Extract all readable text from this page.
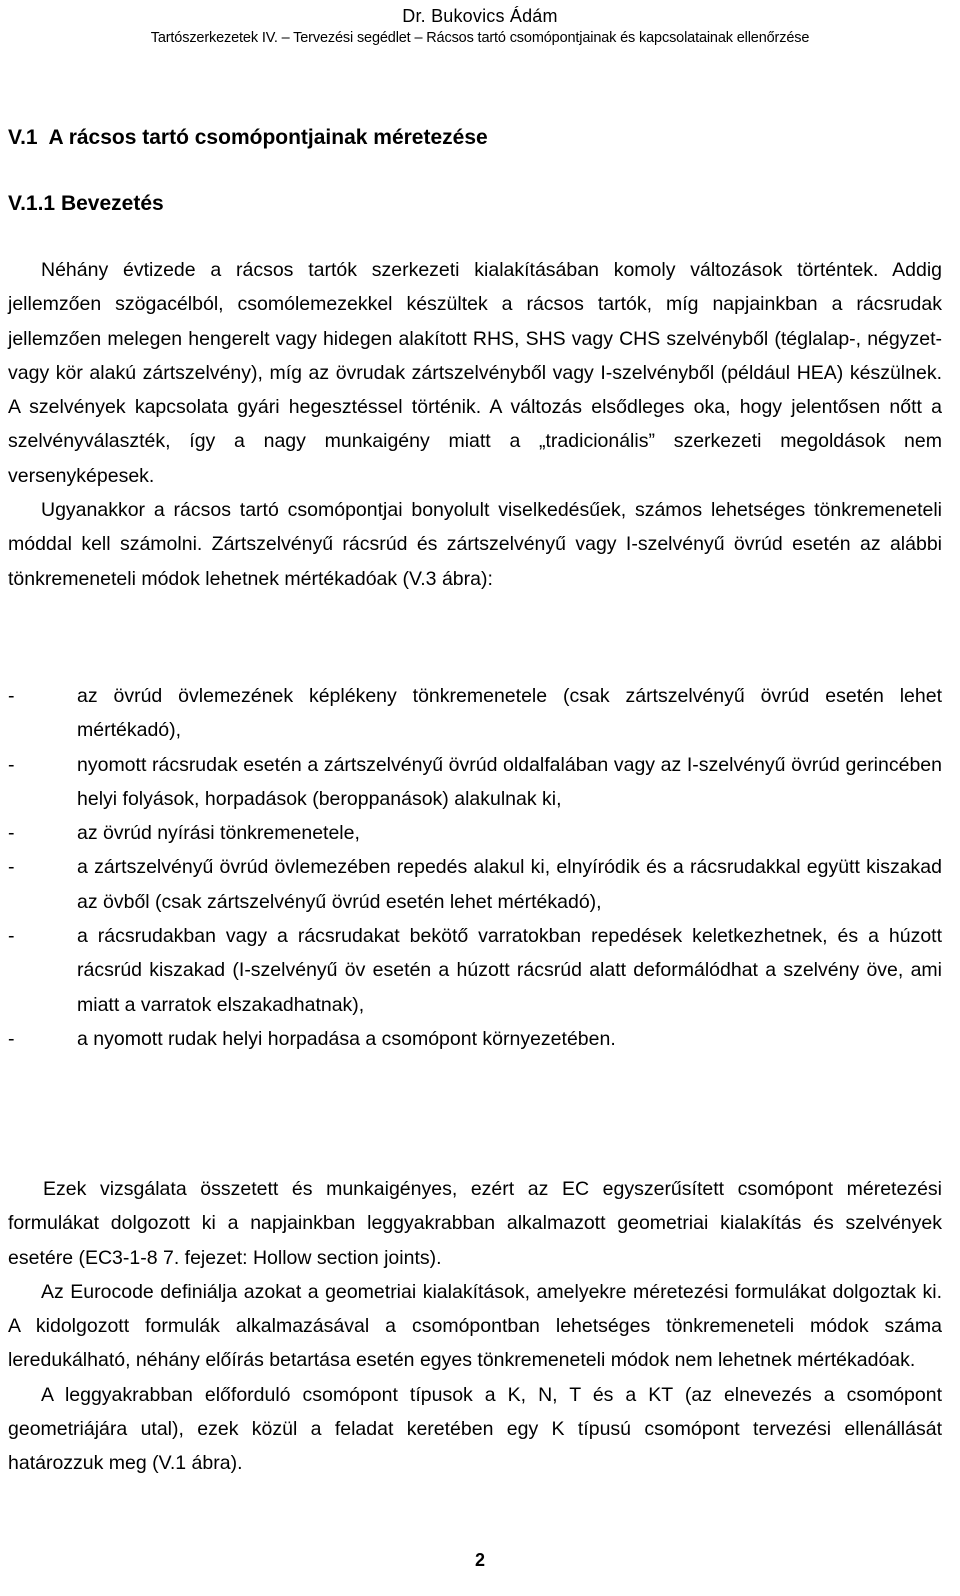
Dr. Bukovics Ádám
Tartószerkezetek IV. – Tervezési segédlet – Rácsos tartó csomópontjainak és kapcsolatainak ellenőrzése
V.1  A rácsos tartó csomópontjainak méretezése
V.1.1 Bevezetés

Néhány évtizede a rácsos tartók szerkezeti kialakításában komoly változások történtek. Addig jellemzően szögacélból, csomólemezekkel készültek a rácsos tartók, míg napjainkban a rácsrudak jellemzően melegen hengerelt vagy hidegen alakított RHS, SHS vagy CHS szelvényből (téglalap-, négyzet- vagy kör alakú zártszelvény), míg az övrudak zártszelvényből vagy I-szelvényből (például HEA) készülnek. A szelvények kapcsolata gyári hegesztéssel történik. A változás elsődleges oka, hogy jelentősen nőtt a szelvényválaszték, így a nagy munkaigény miatt a „tradicionális” szerkezeti megoldások nem versenyképesek.

Ugyanakkor a rácsos tartó csomópontjai bonyolult viselkedésűek, számos lehetséges tönkremeneteli móddal kell számolni. Zártszelvényű rácsrúd és zártszelvényű vagy I-szelvényű övrúd esetén az alábbi tönkremeneteli módok lehetnek mértékadóak (V.3 ábra):

-	az övrúd övlemezének képlékeny tönkremenetele (csak zártszelvényű övrúd esetén lehet mértékadó),
-	nyomott rácsrudak esetén a zártszelvényű övrúd oldalfalában vagy az I-szelvényű övrúd gerincében helyi folyások, horpadások (beroppanások) alakulnak ki,
-	az övrúd nyírási tönkremenetele,
-	a zártszelvényű övrúd övlemezében repedés alakul ki, elnyíródik és a rácsrudakkal együtt kiszakad az övből (csak zártszelvényű övrúd esetén lehet mértékadó),
-	a rácsrudakban vagy a rácsrudakat bekötő varratokban repedések keletkezhetnek, és a húzott rácsrúd kiszakad (I-szelvényű öv esetén a húzott rácsrúd alatt deformálódhat a szelvény öve, ami miatt a varratok elszakadhatnak),
-	a nyomott rudak helyi horpadása a csomópont környezetében.

Ezek vizsgálata összetett és munkaigényes, ezért az EC egyszerűsített csomópont méretezési formulákat dolgozott ki a napjainkban leggyakrabban alkalmazott geometriai kialakítás és szelvények esetére (EC3-1-8 7. fejezet: Hollow section joints).

Az Eurocode definiálja azokat a geometriai kialakítások, amelyekre méretezési formulákat dolgoztak ki. A kidolgozott formulák alkalmazásával a csomópontban lehetséges tönkremeneteli módok száma leredukálható, néhány előírás betartása esetén egyes tönkremeneteli módok nem lehetnek mértékadóak.

A leggyakrabban előforduló csomópont típusok a K, N, T és a KT (az elnevezés a csomópont geometriájára utal), ezek közül a feladat keretében egy K típusú csomópont tervezési ellenállását határozzuk meg (V.1 ábra).

2
